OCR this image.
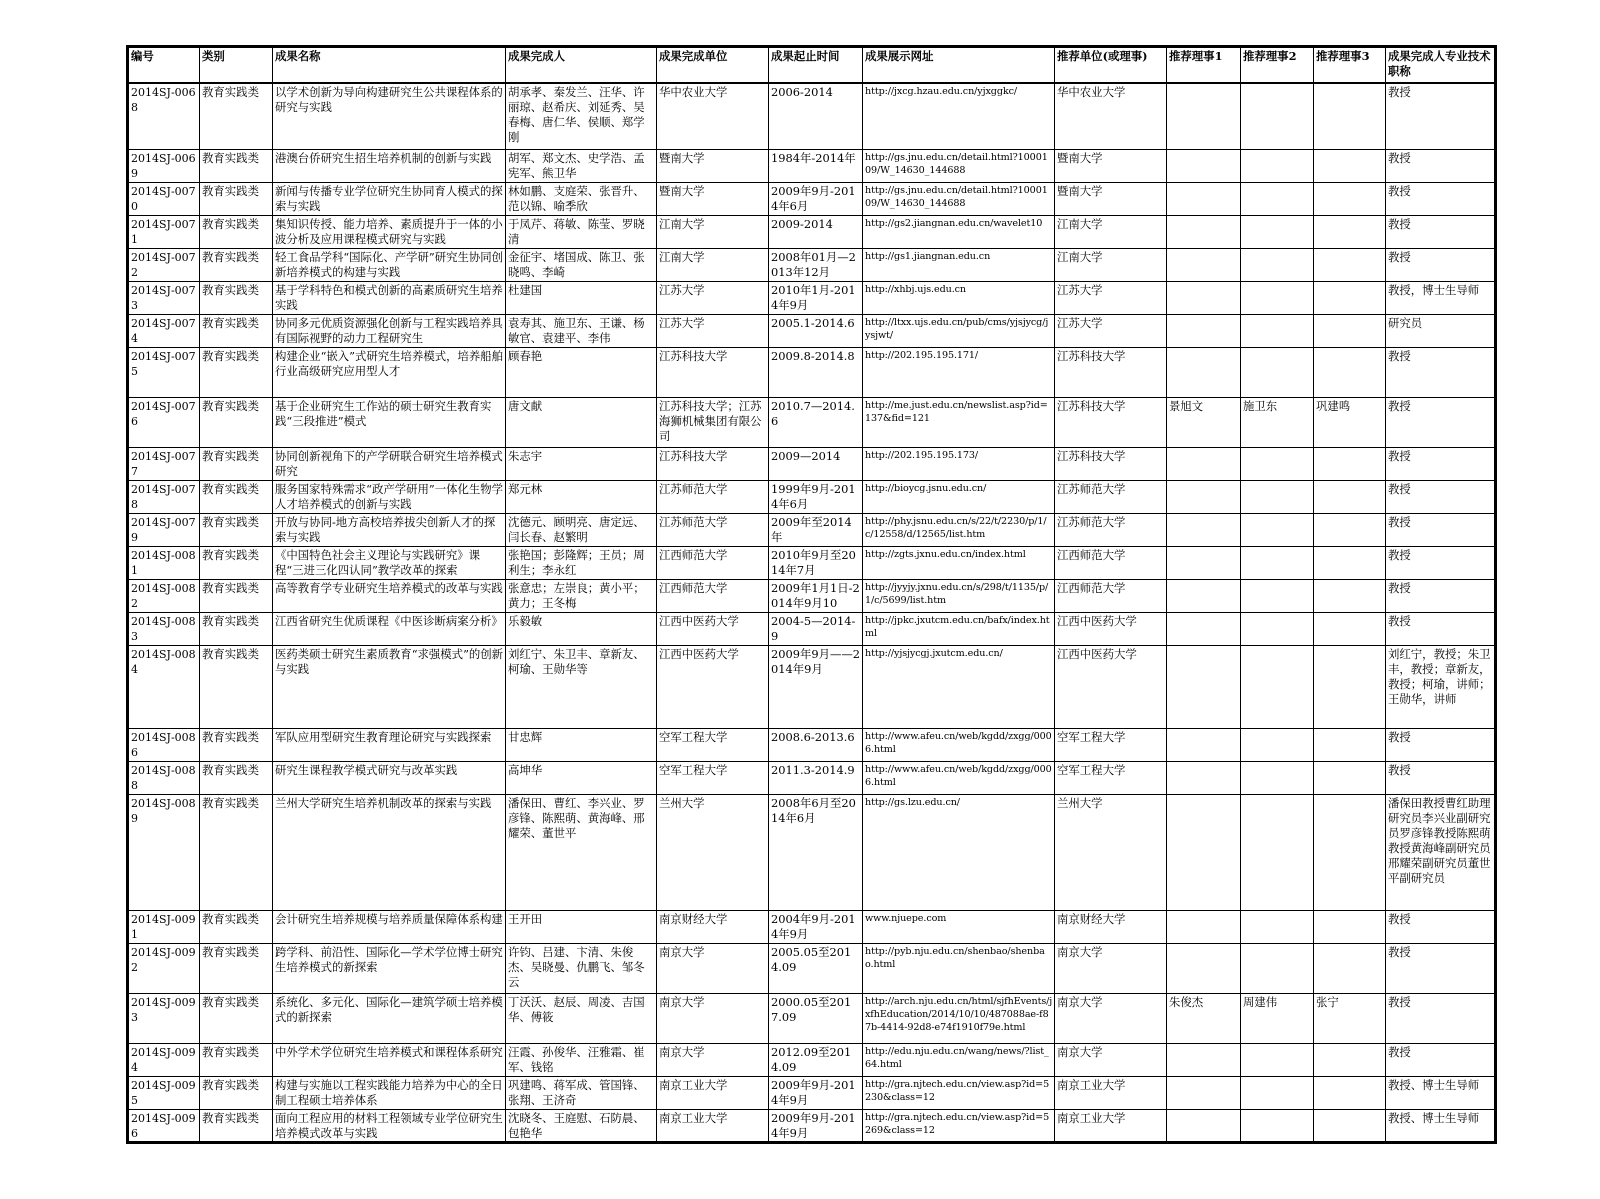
编号	类别	成果名称	成果完成人	成果完成单位	成果起止时间	成果展示网址	推荐单位(或理事)	推荐理事1	推荐理事2	推荐理事3	成果完成人专业技术职称
2014SJ-0068	教育实践类	以学术创新为导向构建研究生公共课程体系的研究与实践	胡承孝、秦发兰、汪华、许丽琼、赵希庆、刘延秀、吴春梅、唐仁华、侯顺、郑学刚	华中农业大学	2006-2014	http://jxcg.hzau.edu.cn/yjxggkc/	华中农业大学				教授
2014SJ-0069	教育实践类	港澳台侨研究生招生培养机制的创新与实践	胡军、郑文杰、史学浩、孟宪军、熊卫华	暨南大学	1984年-2014年	http://gs.jnu.edu.cn/detail.html?1000109/W_14630_144688	暨南大学				教授
2014SJ-0070	教育实践类	新闻与传播专业学位研究生协同育人模式的探索与实践	林如鹏、支庭荣、张晋升、范以锦、喻季欣	暨南大学	2009年9月-2014年6月	http://gs.jnu.edu.cn/detail.html?1000109/W_14630_144688	暨南大学				教授
2014SJ-0071	教育实践类	集知识传授、能力培养、素质提升于一体的小波分析及应用课程模式研究与实践	于凤芹、蒋敏、陈莹、罗晓清	江南大学	2009-2014	http://gs2.jiangnan.edu.cn/wavelet10	江南大学				教授
2014SJ-0072	教育实践类	轻工食品学科“国际化、产学研”研究生协同创新培养模式的构建与实践	金征宇、堵国成、陈卫、张晓鸣、李崎	江南大学	2008年01月—2013年12月	http://gs1.jiangnan.edu.cn	江南大学				教授
2014SJ-0073	教育实践类	基于学科特色和模式创新的高素质研究生培养实践	杜建国	江苏大学	2010年1月-2014年9月	http://xhbj.ujs.edu.cn	江苏大学				教授，博士生导师
2014SJ-0074	教育实践类	协同多元优质资源强化创新与工程实践培养具有国际视野的动力工程研究生	袁寿其、施卫东、王谦、杨敏官、袁建平、李伟	江苏大学	2005.1-2014.6	http://ltxx.ujs.edu.cn/pub/cms/yjsjycg/jysjwt/	江苏大学				研究员
2014SJ-0075	教育实践类	构建企业“嵌入”式研究生培养模式，培养船舶行业高级研究应用型人才	顾春艳	江苏科技大学	2009.8-2014.8	http://202.195.195.171/	江苏科技大学				教授
2014SJ-0076	教育实践类	基于企业研究生工作站的硕士研究生教育实践“三段推进”模式	唐文献	江苏科技大学；江苏海狮机械集团有限公司	2010.7—2014.6	http://me.just.edu.cn/newslist.asp?id=137&fid=121	江苏科技大学	景旭文	施卫东	巩建鸣	教授
2014SJ-0077	教育实践类	协同创新视角下的产学研联合研究生培养模式研究	朱志宇	江苏科技大学	2009—2014	http://202.195.195.173/	江苏科技大学				教授
2014SJ-0078	教育实践类	服务国家特殊需求“政产学研用”一体化生物学人才培养模式的创新与实践	郑元林	江苏师范大学	1999年9月-2014年6月	http://bioycg.jsnu.edu.cn/	江苏师范大学				教授
2014SJ-0079	教育实践类	开放与协同-地方高校培养拔尖创新人才的探索与实践	沈德元、顾明亮、唐定远、闫长春、赵繁明	江苏师范大学	2009年至2014年	http://phy.jsnu.edu.cn/s/22/t/2230/p/1/c/12558/d/12565/list.htm	江苏师范大学				教授
2014SJ-0081	教育实践类	《中国特色社会主义理论与实践研究》课程“三进三化四认同”教学改革的探索	张艳国；彭隆辉；王员；周利生；李永红	江西师范大学	2010年9月至2014年7月	http://zgts.jxnu.edu.cn/index.html	江西师范大学				教授
2014SJ-0082	教育实践类	高等教育学专业研究生培养模式的改革与实践	张意忠；左崇良；黄小平；黄力；王冬梅	江西师范大学	2009年1月1日-2014年9月10	http://jyyjy.jxnu.edu.cn/s/298/t/1135/p/1/c/5699/list.htm	江西师范大学				教授
2014SJ-0083	教育实践类	江西省研究生优质课程《中医诊断病案分析》	乐毅敏	江西中医药大学	2004-5—2014-9	http://jpkc.jxutcm.edu.cn/bafx/index.html	江西中医药大学				教授
2014SJ-0084	教育实践类	医药类硕士研究生素质教育“求强模式”的创新与实践	刘红宁、朱卫丰、章新友、柯瑜、王勋华等	江西中医药大学	2009年9月——2014年9月	http://yjsjycgj.jxutcm.edu.cn/	江西中医药大学				刘红宁，教授；朱卫丰，教授；章新友，教授；柯瑜，讲师；王勋华，讲师
2014SJ-0086	教育实践类	军队应用型研究生教育理论研究与实践探索	甘忠辉	空军工程大学	2008.6-2013.6	http://www.afeu.cn/web/kgdd/zxgg/0006.html	空军工程大学				教授
2014SJ-0088	教育实践类	研究生课程教学模式研究与改革实践	高坤华	空军工程大学	2011.3-2014.9	http://www.afeu.cn/web/kgdd/zxgg/0006.html	空军工程大学				教授
2014SJ-0089	教育实践类	兰州大学研究生培养机制改革的探索与实践	潘保田、曹红、李兴业、罗彦锋、陈熙萌、黄海峰、邢耀荣、董世平	兰州大学	2008年6月至2014年6月	http://gs.lzu.edu.cn/	兰州大学				潘保田教授曹红助理研究员李兴业副研究员罗彦锋教授陈熙萌教授黄海峰副研究员邢耀荣副研究员董世平副研究员
2014SJ-0091	教育实践类	会计研究生培养规模与培养质量保障体系构建	王开田	南京财经大学	2004年9月-2014年9月	www.njuepe.com	南京财经大学				教授
2014SJ-0092	教育实践类	跨学科、前沿性、国际化—学术学位博士研究生培养模式的新探索	许钧、吕建、卞清、朱俊杰、吴晓曼、仇鹏飞、邹冬云	南京大学	2005.05至2014.09	http://pyb.nju.edu.cn/shenbao/shenbao.html	南京大学				教授
2014SJ-0093	教育实践类	系统化、多元化、国际化—建筑学硕士培养模式的新探索	丁沃沃、赵辰、周凌、吉国华、傅筱	南京大学	2000.05至2017.09	http://arch.nju.edu.cn/html/sjfhEvents/jxfhEducation/2014/10/10/487088ae-f87b-4414-92d8-e74f1910f79e.html	南京大学	朱俊杰	周建伟	张宁	教授
2014SJ-0094	教育实践类	中外学术学位研究生培养模式和课程体系研究	汪霞、孙俊华、汪雅霜、崔军、钱铭	南京大学	2012.09至2014.09	http://edu.nju.edu.cn/wang/news/?list_64.html	南京大学				教授
2014SJ-0095	教育实践类	构建与实施以工程实践能力培养为中心的全日制工程硕士培养体系	巩建鸣、蒋军成、管国锋、张翔、王济奇	南京工业大学	2009年9月-2014年9月	http://gra.njtech.edu.cn/view.asp?id=5230&class=12	南京工业大学				教授、博士生导师
2014SJ-0096	教育实践类	面向工程应用的材料工程领域专业学位研究生培养模式改革与实践	沈晓冬、王庭慰、石防晨、包艳华	南京工业大学	2009年9月-2014年9月	http://gra.njtech.edu.cn/view.asp?id=5269&class=12	南京工业大学				教授、博士生导师
